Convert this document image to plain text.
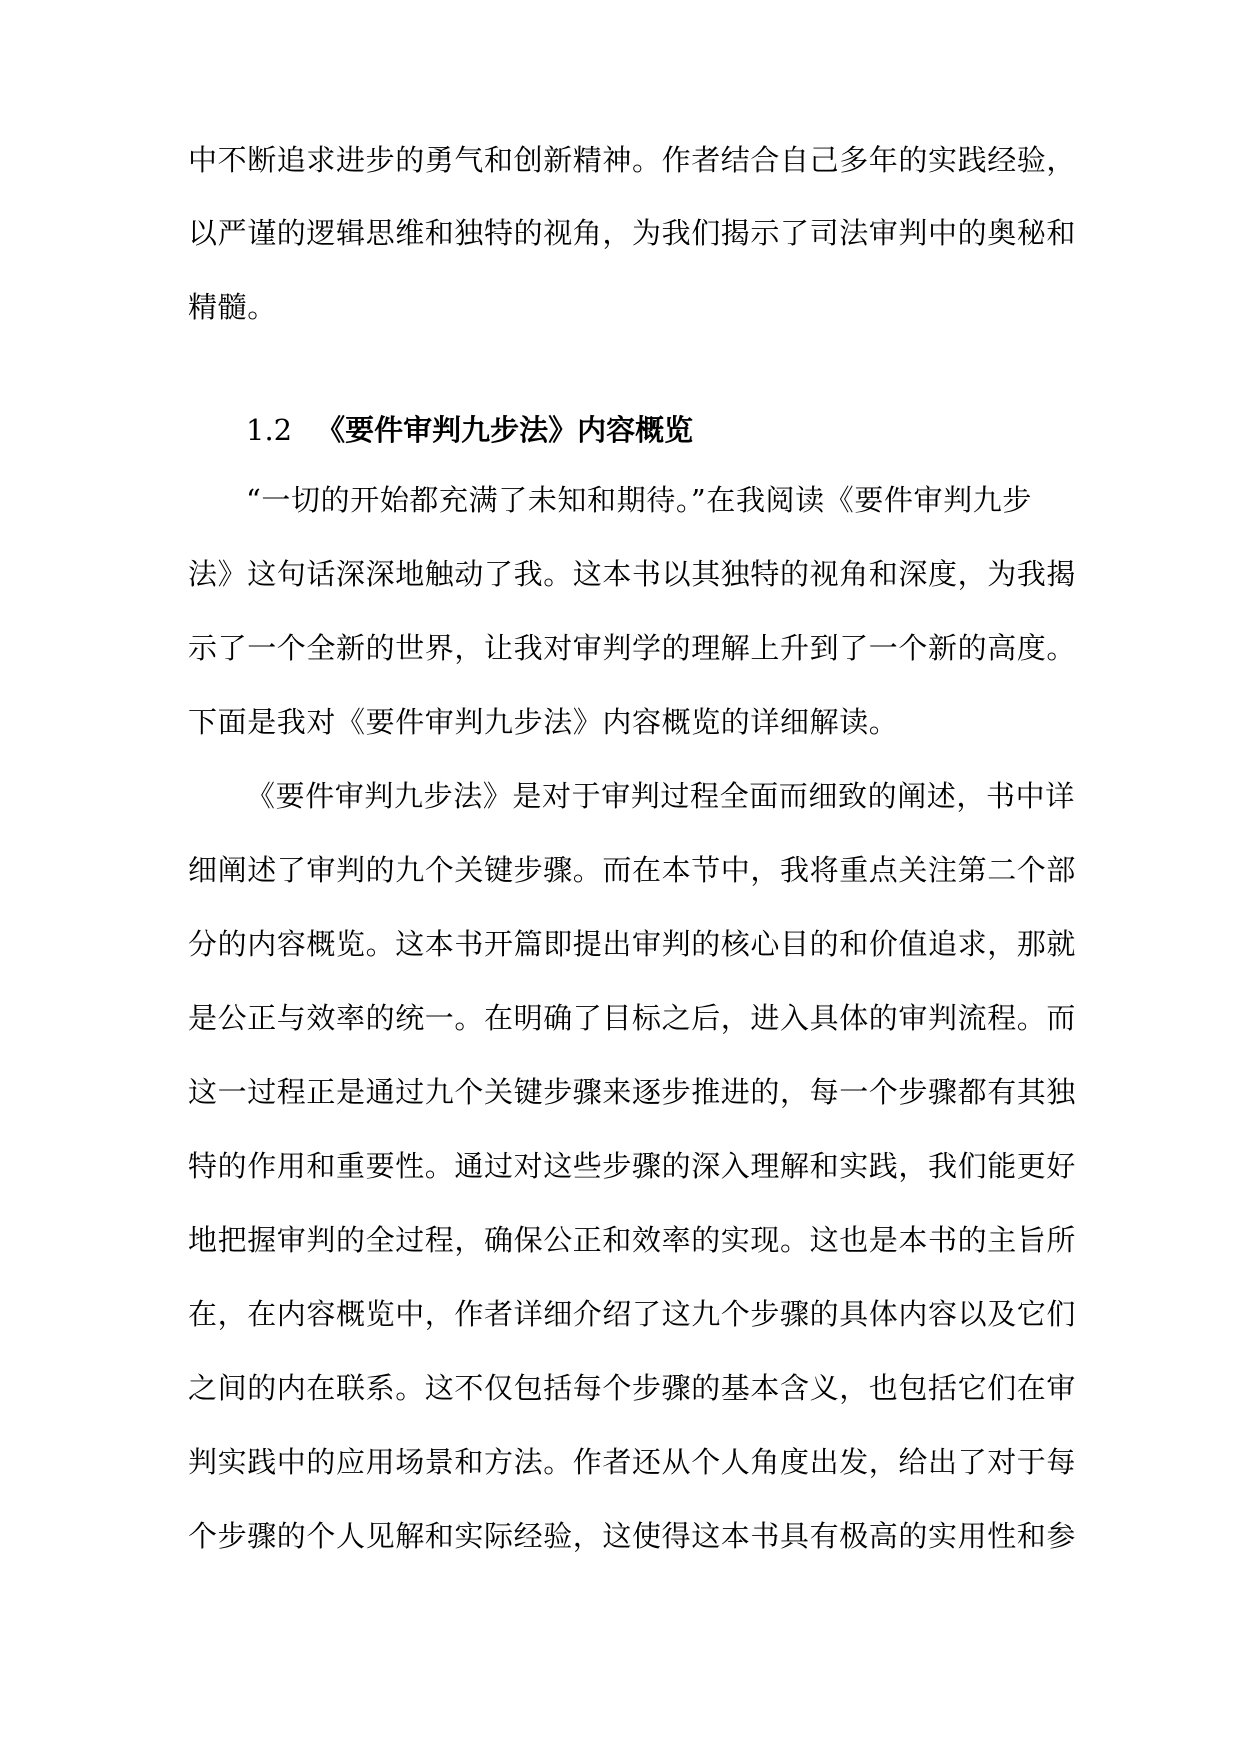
中不断追求进步的勇气和创新精神。作者结合自己多年的实践经验，
以严谨的逻辑思维和独特的视角，为我们揭示了司法审判中的奥秘和
精髓。
1.2 《要件审判九步法》内容概览
“一切的开始都充满了未知和期待。”在我阅读《要件审判九步
法》这句话深深地触动了我。这本书以其独特的视角和深度，为我揭
示了一个全新的世界，让我对审判学的理解上升到了一个新的高度。
下面是我对《要件审判九步法》内容概览的详细解读。
《要件审判九步法》是对于审判过程全面而细致的阐述，书中详
细阐述了审判的九个关键步骤。而在本节中，我将重点关注第二个部
分的内容概览。这本书开篇即提出审判的核心目的和价值追求，那就
是公正与效率的统一。在明确了目标之后，进入具体的审判流程。而
这一过程正是通过九个关键步骤来逐步推进的，每一个步骤都有其独
特的作用和重要性。通过对这些步骤的深入理解和实践，我们能更好
地把握审判的全过程，确保公正和效率的实现。这也是本书的主旨所
在，在内容概览中，作者详细介绍了这九个步骤的具体内容以及它们
之间的内在联系。这不仅包括每个步骤的基本含义，也包括它们在审
判实践中的应用场景和方法。作者还从个人角度出发，给出了对于每
个步骤的个人见解和实际经验，这使得这本书具有极高的实用性和参
